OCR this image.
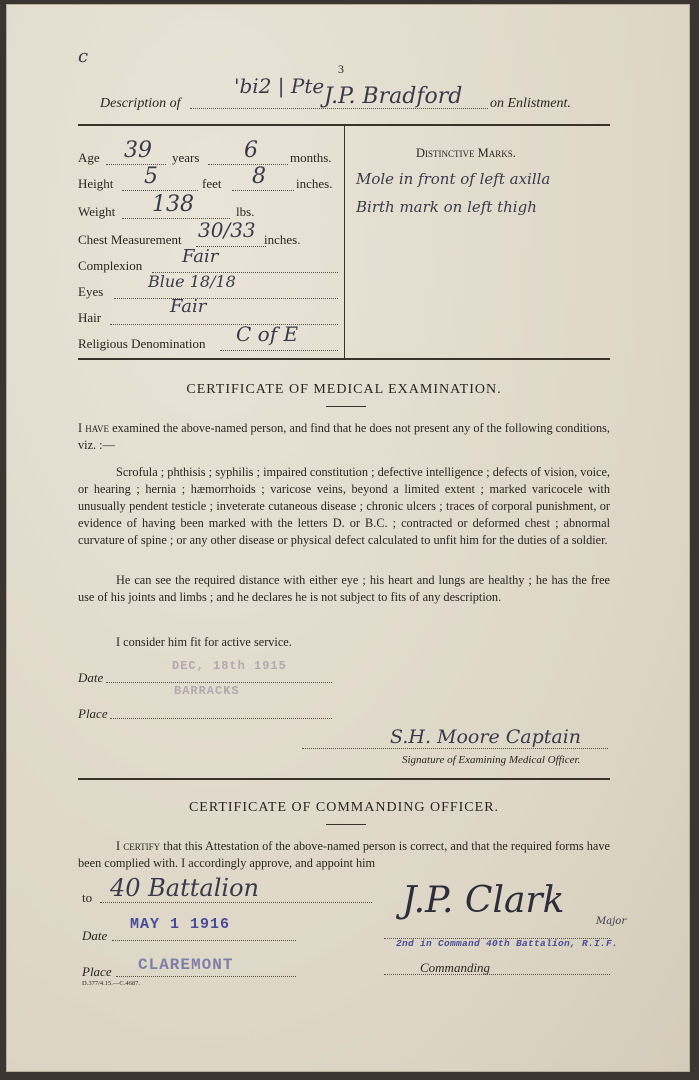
c
3
Description of
'bi2 | Pte J.P. Bradford on Enlistment.
Age 39 years 6 months.
Height 5	feet 8 inches.
Weight 138	lbs.
Chest Measurement 30/33 inches.
Complexion Fair
Eyes
Blue 18/18
Hair
Fair
Religious Denomination C of E
Distinctive Marks.
Mole in front of left axilla
Birth mark on left thigh
CERTIFICATE OF MEDICAL EXAMINATION.
I have examined the above-named person, and find that he does not present any of the following conditions, viz. :—
Scrofula ; phthisis ; syphilis ; impaired constitution ; defective intelligence ; defects of vision, voice, or hearing ; hernia ; hæmorrhoids ; varicose veins, beyond a limited extent ; marked varicocele with unusually pendent testicle ; inveterate cutaneous disease ; chronic ulcers ; traces of corporal punishment, or evidence of having been marked with the letters D. or B.C. ; contracted or deformed chest ; abnormal curvature of spine ; or any other disease or physical defect calculated to unfit him for the duties of a soldier.
He can see the required distance with either eye ; his heart and lungs are healthy ; he has the free use of his joints and limbs ; and he declares he is not subject to fits of any description.
I consider him fit for active service.
Date
DEC, 18th 1915
BARRACKS
Place
S.H. Moore Captain
Signature of Examining Medical Officer.
CERTIFICATE OF COMMANDING OFFICER.
I certify that this Attestation of the above-named person is correct, and that the required forms have been complied with. I accordingly approve, and appoint him
to 40 Battalion
Date
MAY 1 1916
Place CLAREMONT
D.377/4.15.—C.4687.
J.P. Clark
Major
2nd in Command 40th Battalion, R.I.F.
Commanding
